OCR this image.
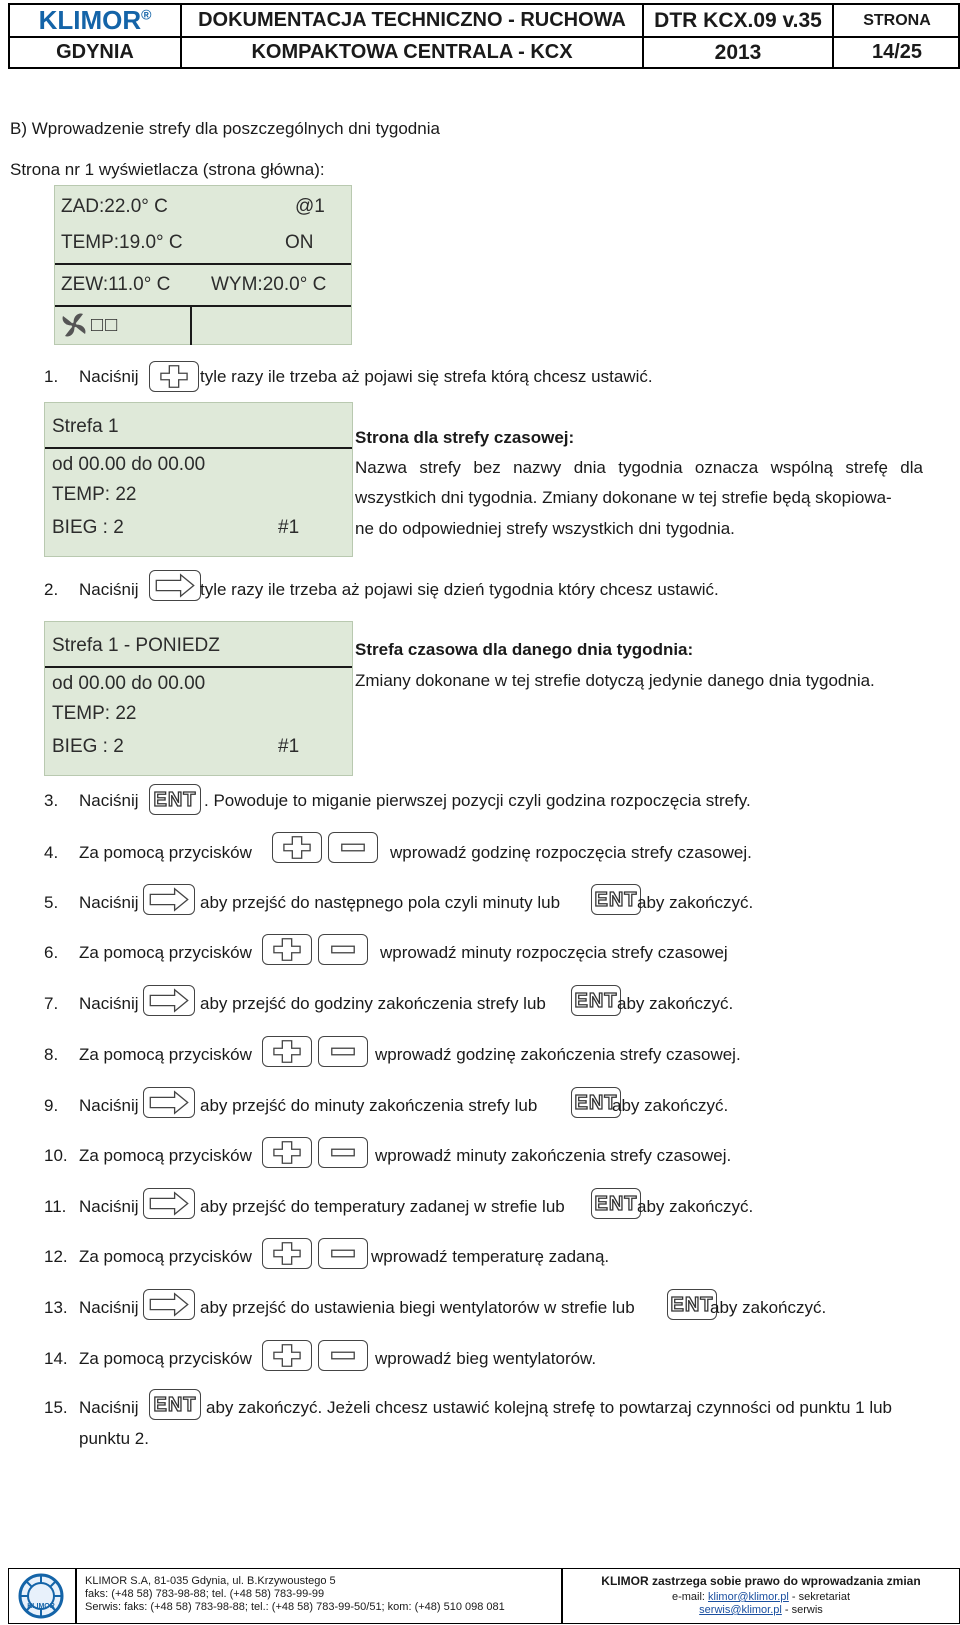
KLIMOR®	DOKUMENTACJA TECHNICZNO - RUCHOWA	DTR KCX.09 v.35	STRONA
GDYNIA	KOMPAKTOWA CENTRALA - KCX	2013	14/25
B) Wprowadzenie strefy dla poszczególnych dni tygodnia
Strona nr 1 wyświetlacza (strona główna):
ZAD:22.0° C	@1
TEMP:19.0° C	ON
ZEW:11.0° C WYM:20.0° C
□□
1. Naciśnij	tyle razy ile trzeba aż pojawi się strefa którą chcesz ustawić.
Strefa 1
od 00.00 do 00.00
TEMP: 22
BIEG : 2	#1
Strona dla strefy czasowej:
Nazwa strefy bez nazwy dnia tygodnia oznacza wspólną strefę dla
wszystkich dni tygodnia. Zmiany dokonane w tej strefie będą skopiowa-
ne do odpowiedniej strefy wszystkich dni tygodnia.
2. Naciśnij	tyle razy ile trzeba aż pojawi się dzień tygodnia który chcesz ustawić.
Strefa 1 - PONIEDZ
od 00.00 do 00.00
TEMP: 22
BIEG : 2	#1
Strefa czasowa dla danego dnia tygodnia:
Zmiany dokonane w tej strefie dotyczą jedynie danego dnia tygodnia.
3. Naciśnij ENT . Powoduje to miganie pierwszej pozycji czyli godzina rozpoczęcia strefy.
4. Za pomocą przycisków	wprowadź godzinę rozpoczęcia strefy czasowej.
5. Naciśnij	ENT
aby przejść do następnego pola czyli minuty lub	aby zakończyć.
6. Za pomocą przycisków	wprowadź minuty rozpoczęcia strefy czasowej
7. Naciśnij	ENT
aby przejść do godziny zakończenia strefy lub	aby zakończyć.
8. Za pomocą przycisków	wprowadź godzinę zakończenia strefy czasowej.
9. Naciśnij	ENT
aby przejść do minuty zakończenia strefy lub	aby zakończyć.
10. Za pomocą przycisków	wprowadź minuty zakończenia strefy czasowej.
11. Naciśnij	ENT
aby przejść do temperatury zadanej w strefie lub	aby zakończyć.
12. Za pomocą przycisków	wprowadź temperaturę zadaną.
13. Naciśnij	ENT
aby przejść do ustawienia biegi wentylatorów w strefie lub	aby zakończyć.
14. Za pomocą przycisków	wprowadź bieg wentylatorów.
15. Naciśnij ENT aby zakończyć. Jeżeli chcesz ustawić kolejną strefę to powtarzaj czynności od punktu 1 lub
punktu 2.
KLIMOR
KLIMOR S.A, 81-035 Gdynia, ul. B.Krzywoustego 5
faks: (+48 58) 783-98-88; tel. (+48 58) 783-99-99
Serwis: faks: (+48 58) 783-98-88; tel.: (+48 58) 783-99-50/51; kom: (+48) 510 098 081
KLIMOR zastrzega sobie prawo do wprowadzania zmian
e-mail: klimor@klimor.pl - sekretariat
serwis@klimor.pl - serwis
